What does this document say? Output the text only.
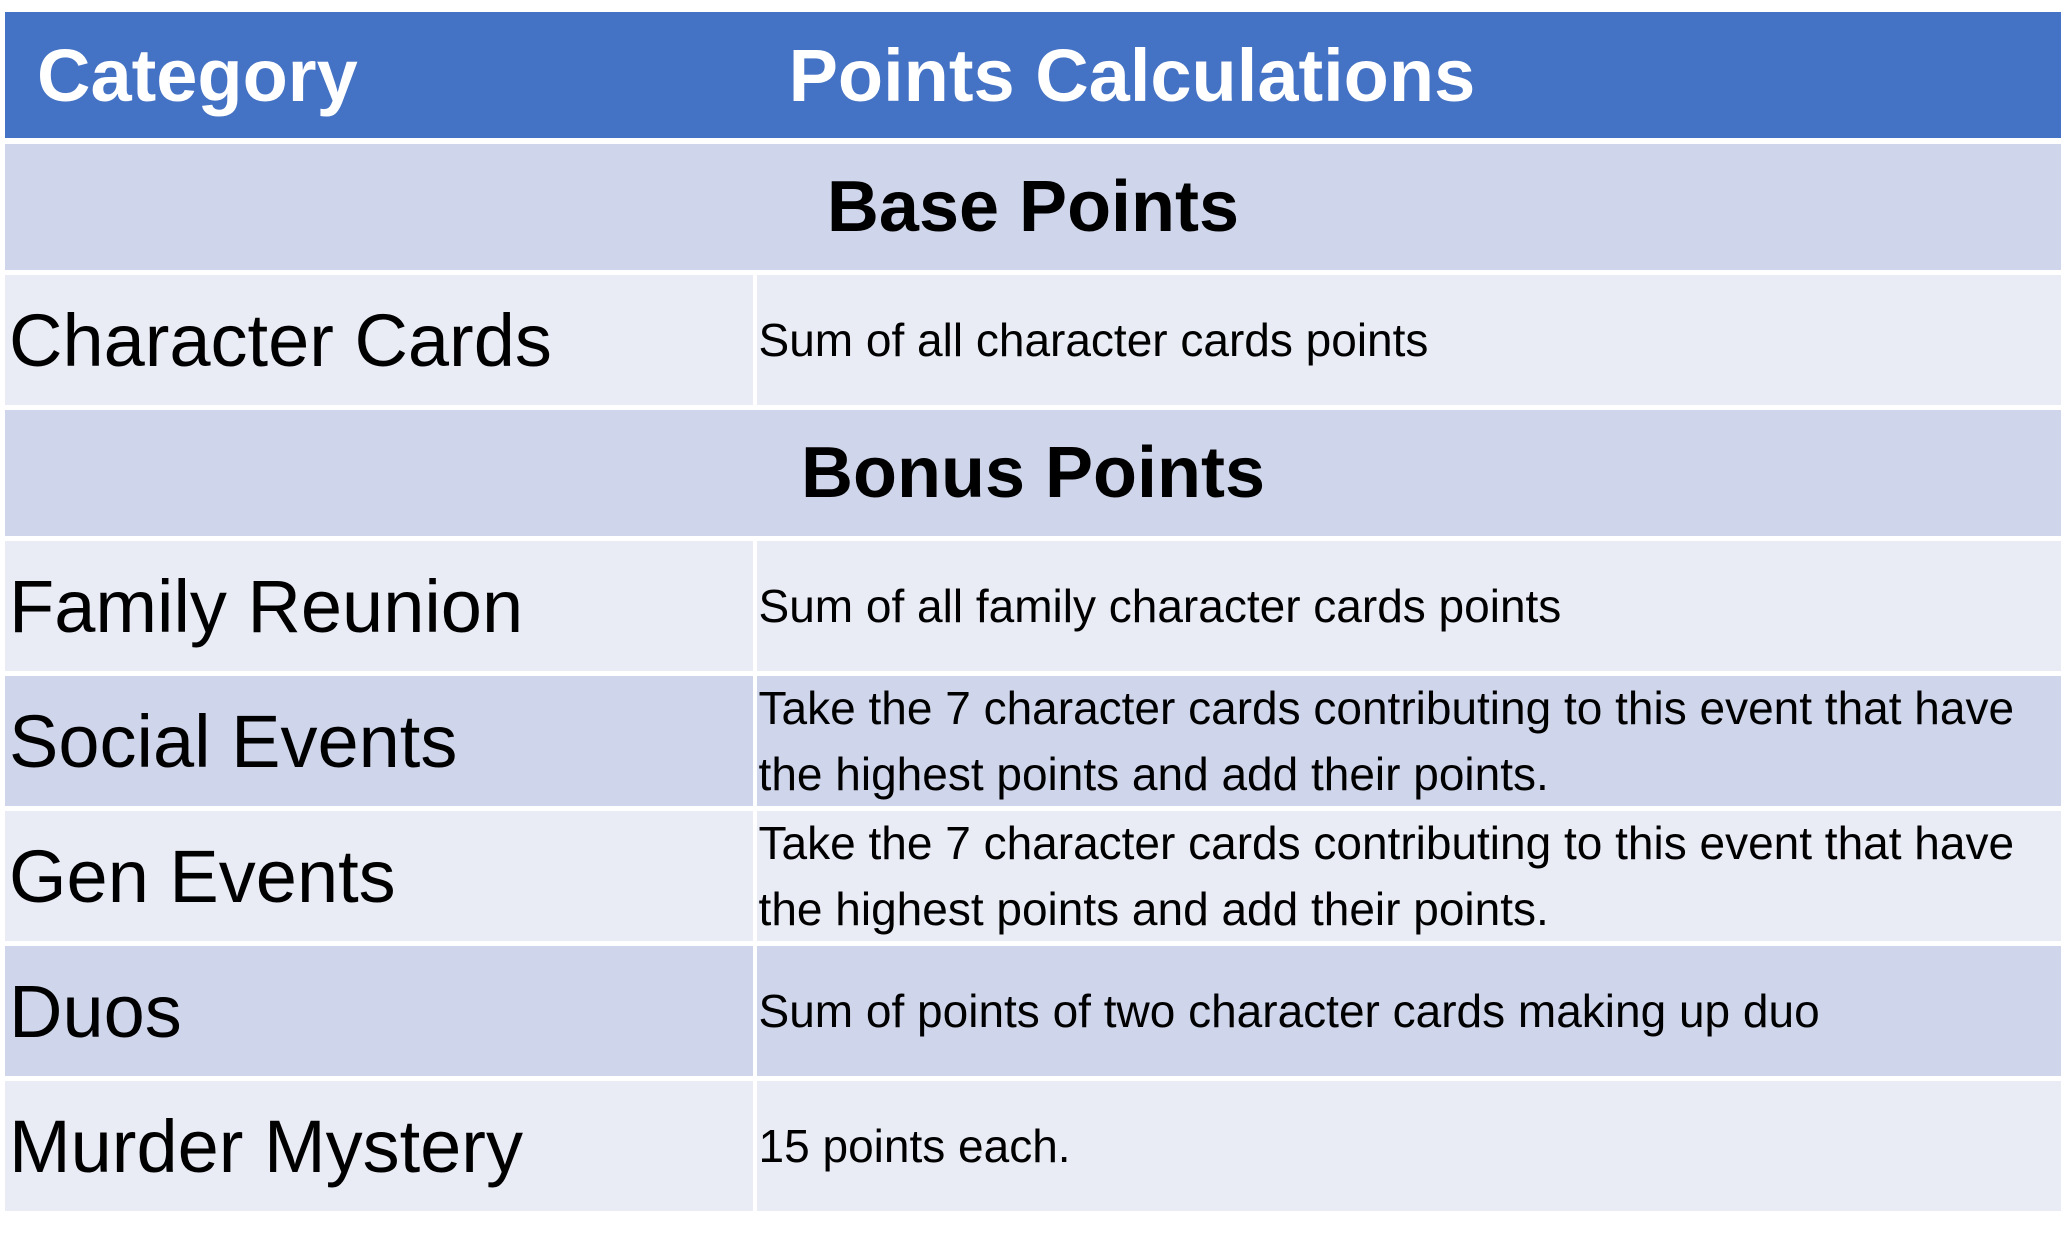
Category	Points Calculations
Base Points
Character Cards	Sum of all character cards points
Bonus Points
Family Reunion	Sum of all family character cards points
Social Events	Take the 7 character cards contributing to this event that have the highest points and add their points.
Gen Events	Take the 7 character cards contributing to this event that have the highest points and add their points.
Duos	Sum of points of two character cards making up duo
Murder Mystery	15 points each.
